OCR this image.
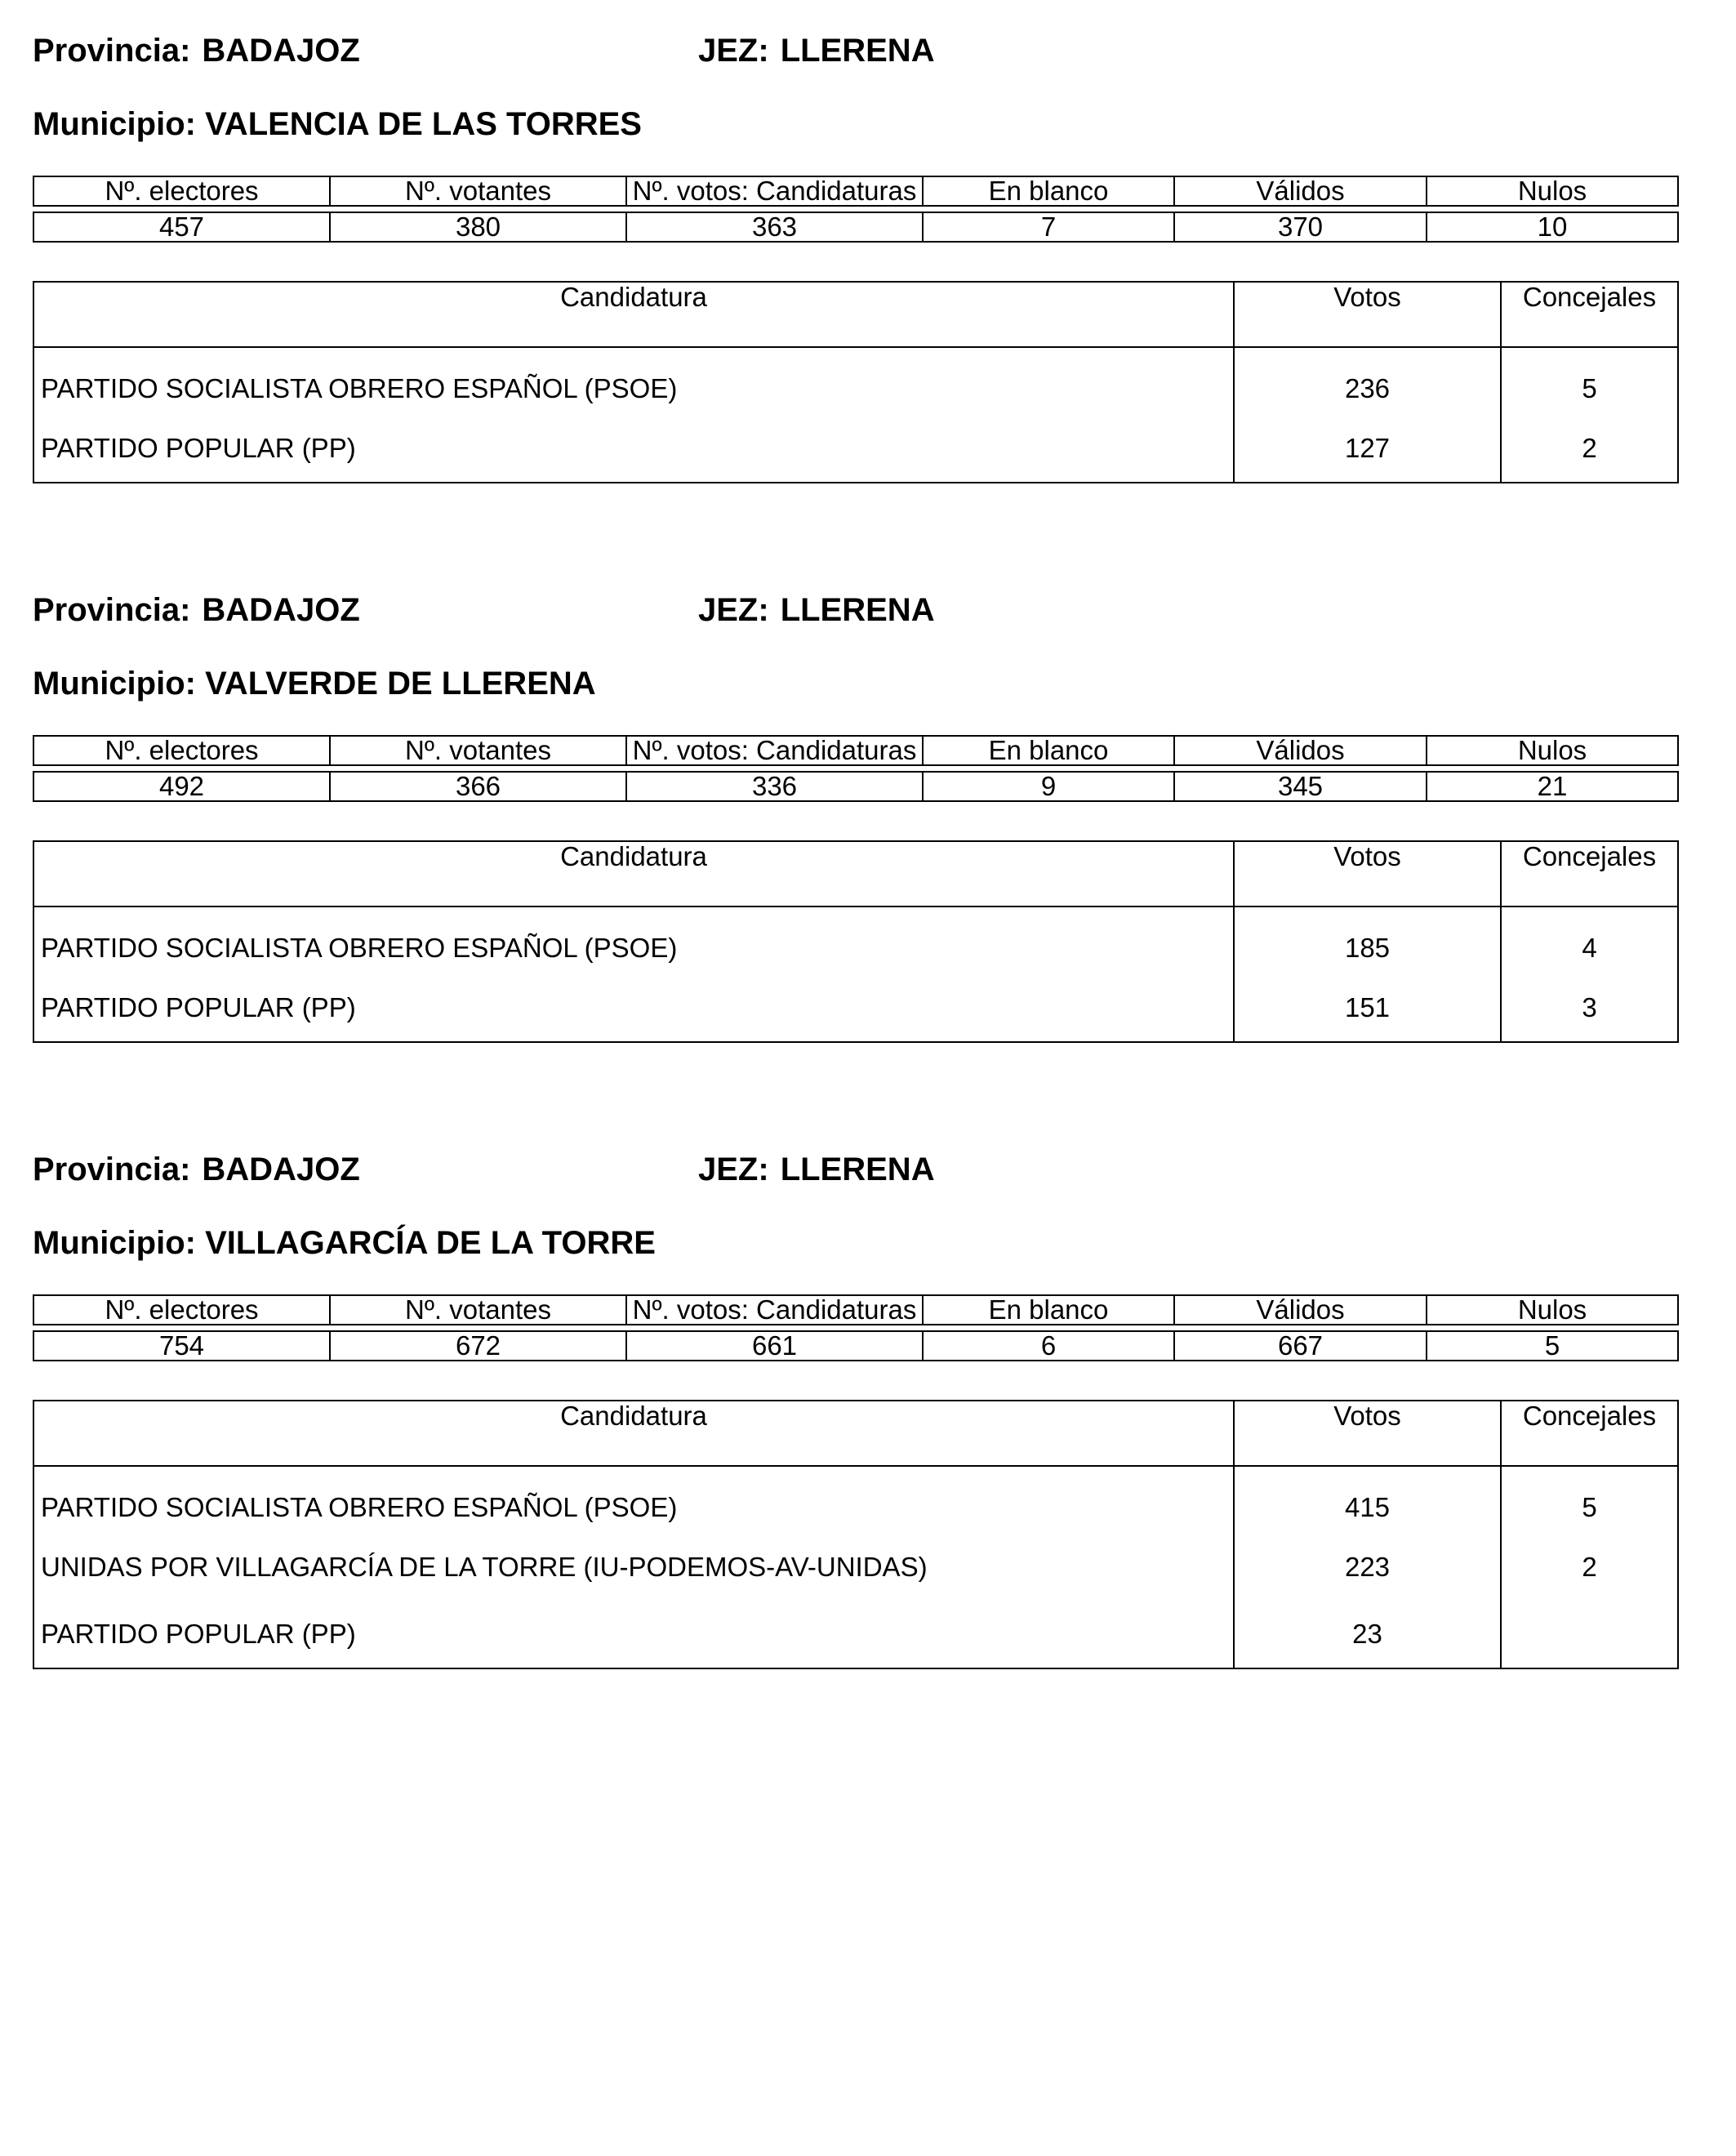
Provincia: BADAJOZ	JEZ: LLERENA
Municipio: VALENCIA DE LAS TORRES
Nº. electores	Nº. votantes	Nº. votos: Candidaturas	En blanco	Válidos	Nulos

457	380	363	7	370	10
Candidatura	Votos	Concejales
PARTIDO SOCIALISTA OBRERO ESPAÑOL (PSOE)	236	5
PARTIDO POPULAR (PP)	127	2
Provincia: BADAJOZ	JEZ: LLERENA
Municipio: VALVERDE DE LLERENA
Nº. electores	Nº. votantes	Nº. votos: Candidaturas	En blanco	Válidos	Nulos

492	366	336	9	345	21
Candidatura	Votos	Concejales
PARTIDO SOCIALISTA OBRERO ESPAÑOL (PSOE)	185	4
PARTIDO POPULAR (PP)	151	3
Provincia: BADAJOZ	JEZ: LLERENA
Municipio: VILLAGARCÍA DE LA TORRE
Nº. electores	Nº. votantes	Nº. votos: Candidaturas	En blanco	Válidos	Nulos

754	672	661	6	667	5
Candidatura	Votos	Concejales
PARTIDO SOCIALISTA OBRERO ESPAÑOL (PSOE)	415	5
UNIDAS POR VILLAGARCÍA DE LA TORRE (IU-PODEMOS-AV-UNIDAS)	223	2
PARTIDO POPULAR (PP)	23	
